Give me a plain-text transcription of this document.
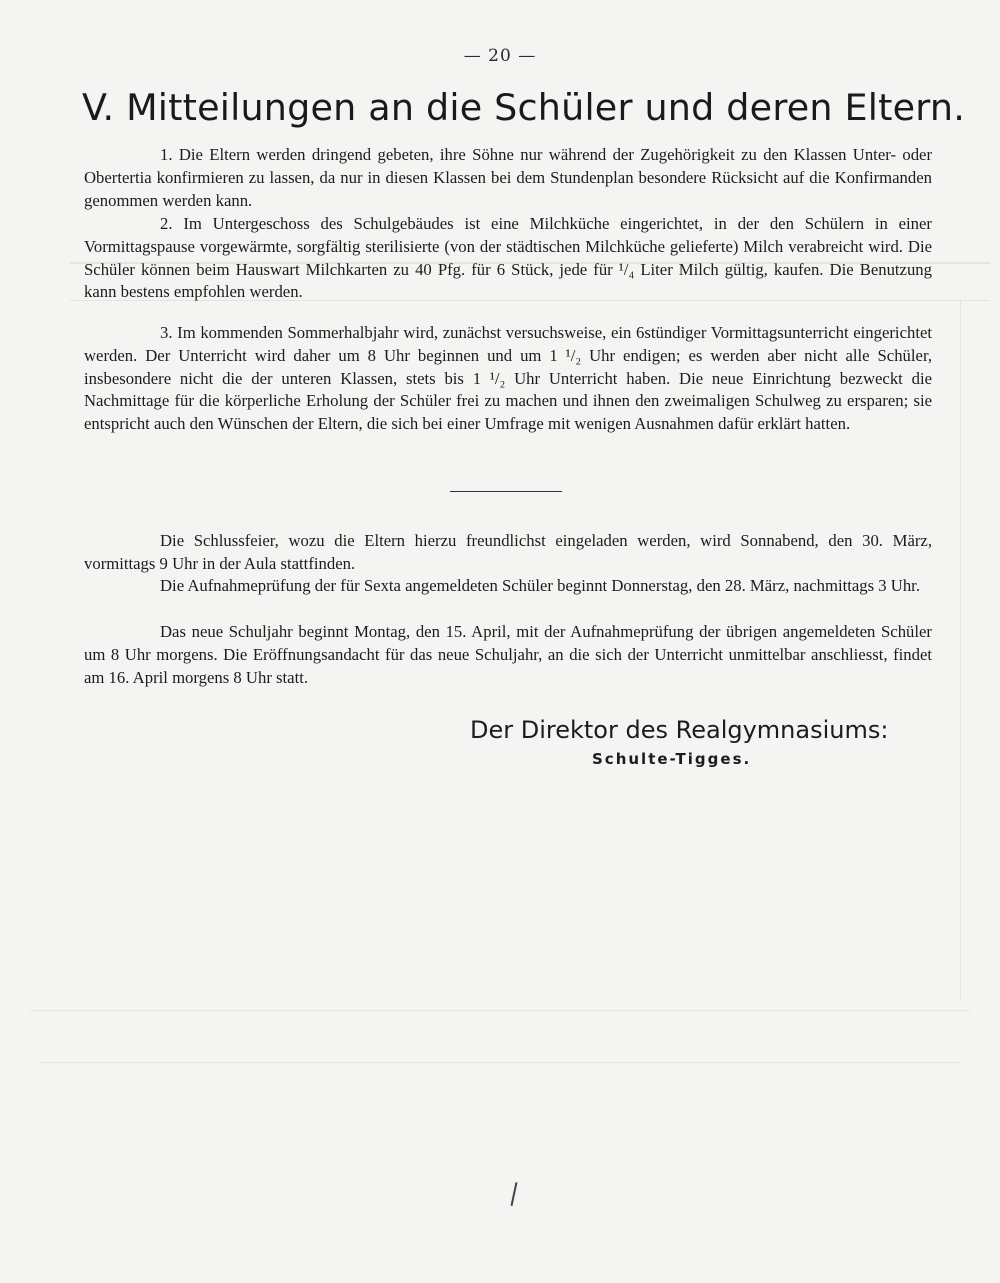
— 20 —
V. Mitteilungen an die Schüler und deren Eltern.

1. Die Eltern werden dringend gebeten, ihre Söhne nur während der Zugehörigkeit zu den Klassen Unter- oder Obertertia konfirmieren zu lassen, da nur in diesen Klassen bei dem Stundenplan besondere Rücksicht auf die Konfirmanden genommen werden kann.

2. Im Untergeschoss des Schulgebäudes ist eine Milchküche eingerichtet, in der den Schülern in einer Vormittagspause vorgewärmte, sorgfältig sterilisierte (von der städtischen Milchküche gelieferte) Milch verabreicht wird. Die Schüler können beim Hauswart Milchkarten zu 40 Pfg. für 6 Stück, jede für ¹/₄ Liter Milch gültig, kaufen. Die Benutzung kann bestens empfohlen werden.

3. Im kommenden Sommerhalbjahr wird, zunächst versuchsweise, ein 6stündiger Vormittagsunterricht eingerichtet werden. Der Unterricht wird daher um 8 Uhr beginnen und um 1 ¹/₂ Uhr endigen; es werden aber nicht alle Schüler, insbesondere nicht die der unteren Klassen, stets bis 1 ¹/₂ Uhr Unterricht haben. Die neue Einrichtung bezweckt die Nachmittage für die körperliche Erholung der Schüler frei zu machen und ihnen den zweimaligen Schulweg zu ersparen; sie entspricht auch den Wünschen der Eltern, die sich bei einer Umfrage mit wenigen Ausnahmen dafür erklärt hatten.

Die Schlussfeier, wozu die Eltern hierzu freundlichst eingeladen werden, wird Sonnabend, den 30. März, vormittags 9 Uhr in der Aula stattfinden.

Die Aufnahmeprüfung der für Sexta angemeldeten Schüler beginnt Donnerstag, den 28. März, nachmittags 3 Uhr.

Das neue Schuljahr beginnt Montag, den 15. April, mit der Aufnahmeprüfung der übrigen angemeldeten Schüler um 8 Uhr morgens. Die Eröffnungsandacht für das neue Schuljahr, an die sich der Unterricht unmittelbar anschliesst, findet am 16. April morgens 8 Uhr statt.

Der Direktor des Realgymnasiums:
Schulte-Tigges.
